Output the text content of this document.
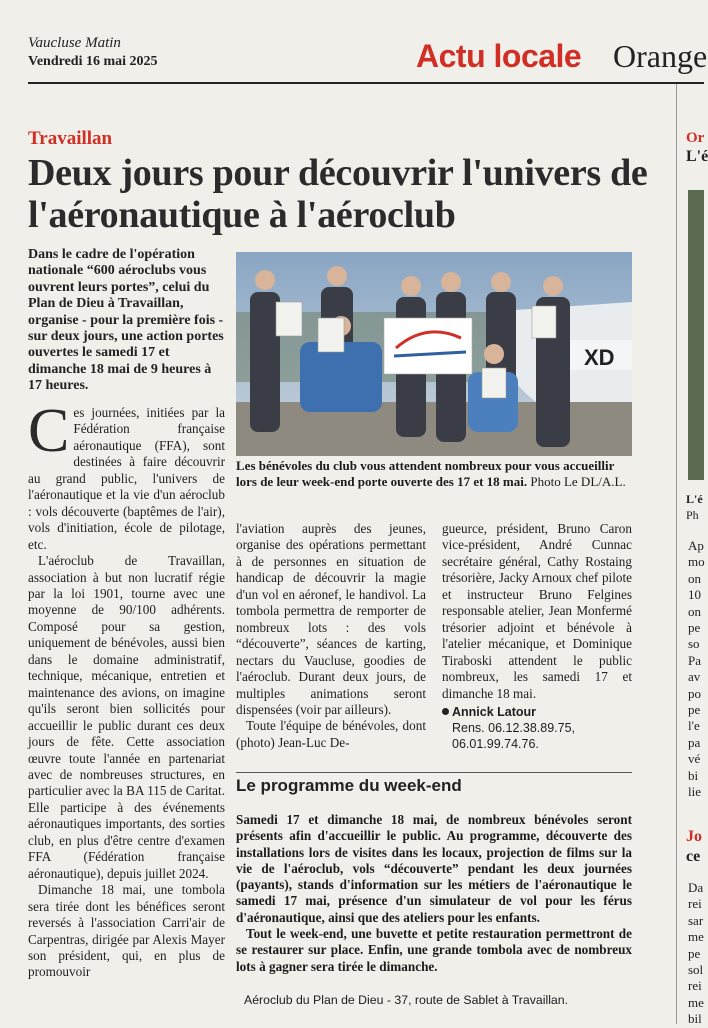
Vaucluse Matin
Vendredi 16 mai 2025	Actu locale Orange
Travaillan
Deux jours pour découvrir l'univers de l'aéronautique à l'aéroclub
Dans le cadre de l'opération nationale “600 aéroclubs vous ouvrent leurs portes”, celui du Plan de Dieu à Travaillan, organise - pour la première fois - sur deux jours, une action portes ouvertes le samedi 17 et dimanche 18 mai de 9 heures à 17 heures.
XD
Les bénévoles du club vous attendent nombreux pour vous accueillir lors de leur week-end porte ouverte des 17 et 18 mai. Photo Le DL/A.L.
C es journées, initiées par la Fédération française aéronautique (FFA), sont destinées à faire découvrir au grand public, l'univers de l'aéronautique et la vie d'un aéroclub : vols découverte (baptêmes de l'air), vols d'initiation, école de pilotage, etc.

L'aéroclub de Travaillan, association à but non lucratif régie par la loi 1901, tourne avec une moyenne de 90/100 adhérents. Composé pour sa gestion, uniquement de bénévoles, aussi bien dans le domaine administratif, technique, mécanique, entretien et maintenance des avions, on imagine qu'ils seront bien sollicités pour accueillir le public durant ces deux jours de fête. Cette association œuvre toute l'année en partenariat avec de nombreuses structures, en particulier avec la BA 115 de Caritat. Elle participe à des événements aéronautiques importants, des sorties club, en plus d'être centre d'examen FFA (Fédération française aéronautique), depuis juillet 2024.

Dimanche 18 mai, une tombola sera tirée dont les bénéfices seront reversés à l'association Carri'air de Carpentras, dirigée par Alexis Mayer son président, qui, en plus de promouvoir

l'aviation auprès des jeunes, organise des opérations permettant à de personnes en situation de handicap de découvrir la magie d'un vol en aéronef, le handivol. La tombola permettra de remporter de nombreux lots : des vols “découverte”, séances de karting, nectars du Vaucluse, goodies de l'aéroclub. Durant deux jours, de multiples animations seront dispensées (voir par ailleurs).

Toute l'équipe de bénévoles, dont (photo) Jean-Luc De-

gueurce, président, Bruno Caron vice-président, André Cunnac secrétaire général, Cathy Rostaing trésorière, Jacky Arnoux chef pilote et instructeur Bruno Felgines responsable atelier, Jean Monfermé trésorier adjoint et bénévole à l'atelier mécanique, et Dominique Tiraboski attendent le public nombreux, les samedi 17 et dimanche 18 mai.

Annick Latour
Rens. 06.12.38.89.75,
06.01.99.74.76.
Le programme du week-end

Samedi 17 et dimanche 18 mai, de nombreux bénévoles seront présents afin d'accueillir le public. Au programme, découverte des installations lors de visites dans les locaux, projection de films sur la vie de l'aéroclub, vols “découverte” pendant les deux journées (payants), stands d'information sur les métiers de l'aéronautique le samedi 17 mai, présence d'un simulateur de vol pour les férus d'aéronautique, ainsi que des ateliers pour les enfants.

Tout le week-end, une buvette et petite restauration permettront de se restaurer sur place. Enfin, une grande tombola avec de nombreux lots à gagner sera tirée le dimanche.

Aéroclub du Plan de Dieu - 37, route de Sablet à Travaillan.
Or
L'é
L'é
Ph
Ap
mo
on
10
on
pe
so
Pa
av
po
pe
l'e
pa
vé
bi
lie
Jo
ce
Da
rei
sar
me
pe
sol
rei
me
bil
